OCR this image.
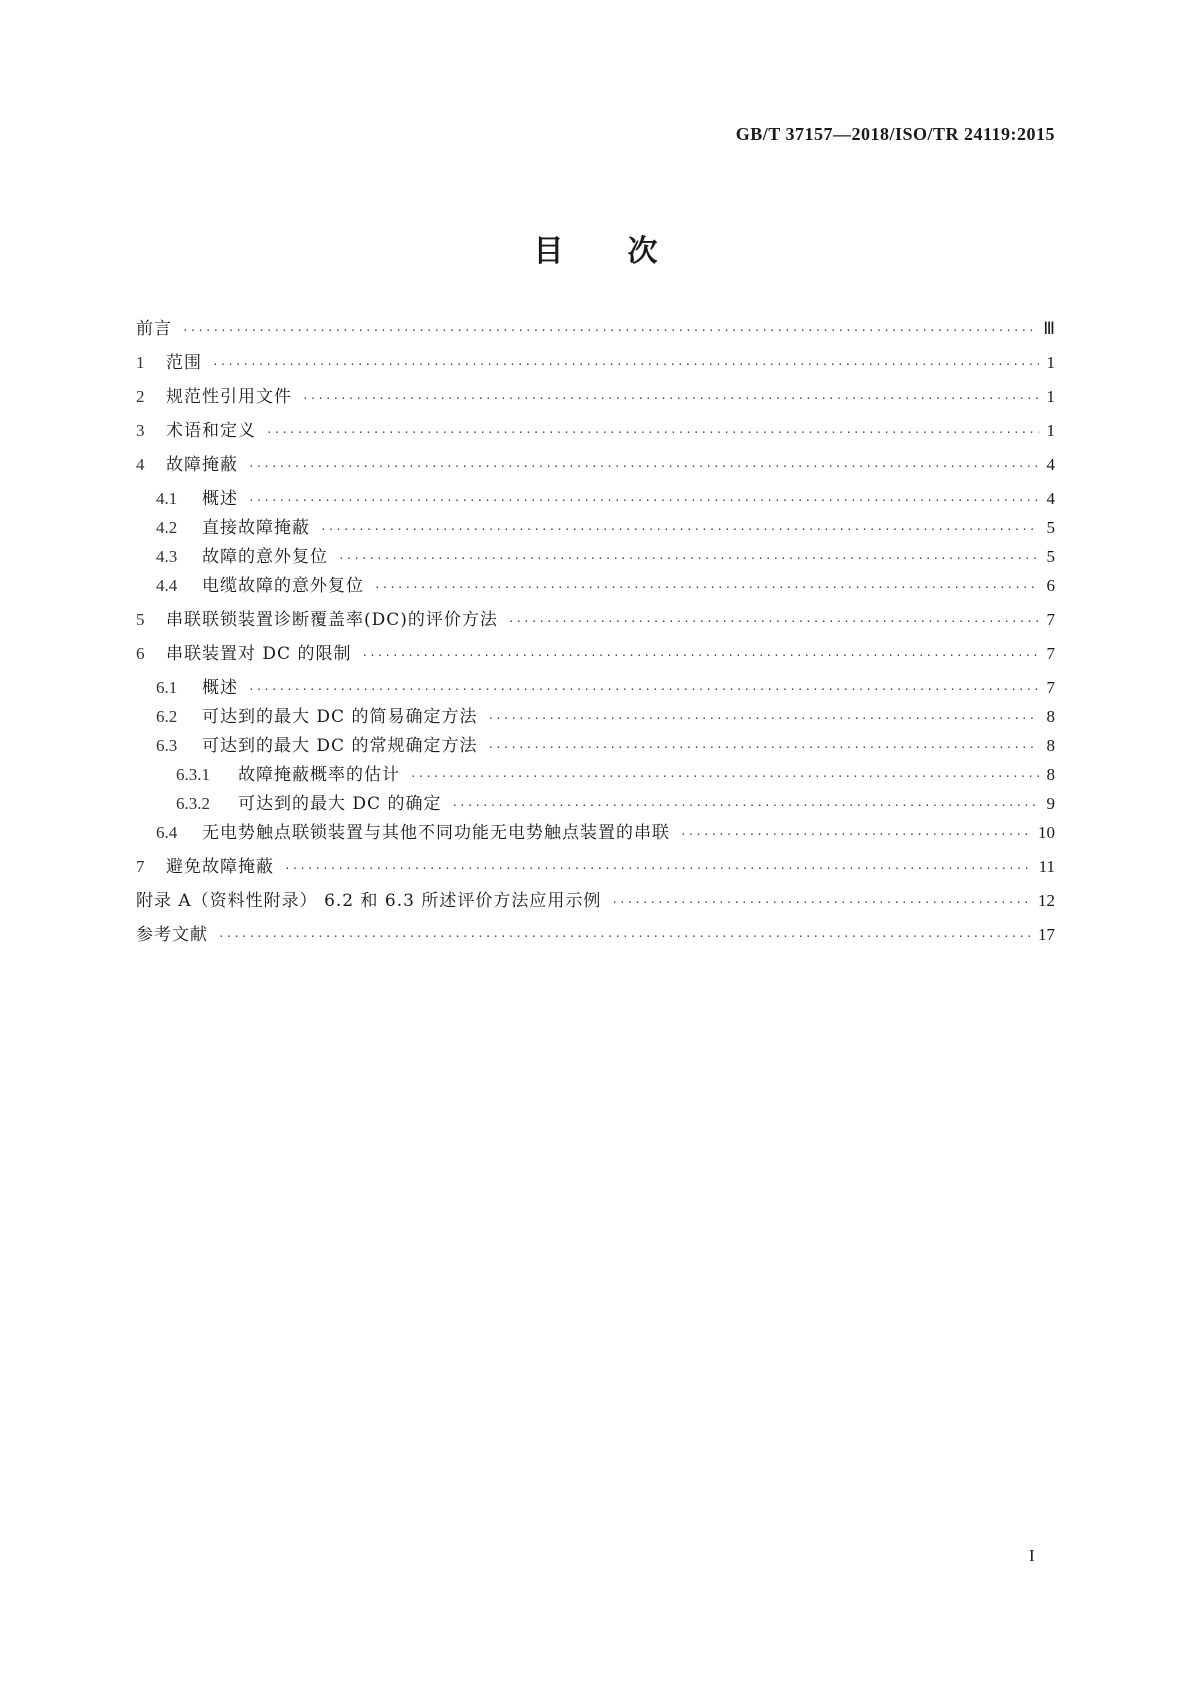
GB/T 37157—2018/ISO/TR 24119:2015
目 次
前言 ·····	Ⅲ
1	范围 ·····	1
2	规范性引用文件 ·····	1
3	术语和定义 ·····	1
4	故障掩蔽 ·····	4
4.1	概述 ·····	4
4.2	直接故障掩蔽 ·····	5
4.3	故障的意外复位 ·····	5
4.4	电缆故障的意外复位 ·····	6
5	串联联锁装置诊断覆盖率(DC)的评价方法 ·····	7
6	串联装置对 DC 的限制 ·····	7
6.1	概述 ·····	7
6.2	可达到的最大 DC 的简易确定方法 ·····	8
6.3	可达到的最大 DC 的常规确定方法 ·····	8
6.3.1	故障掩蔽概率的估计 ·····	8
6.3.2	可达到的最大 DC 的确定 ·····	9
6.4	无电势触点联锁装置与其他不同功能无电势触点装置的串联 ·····	10
7	避免故障掩蔽 ·····	11
附录 A（资料性附录） 6.2 和 6.3 所述评价方法应用示例 ·····	12
参考文献 ·····	17
I
